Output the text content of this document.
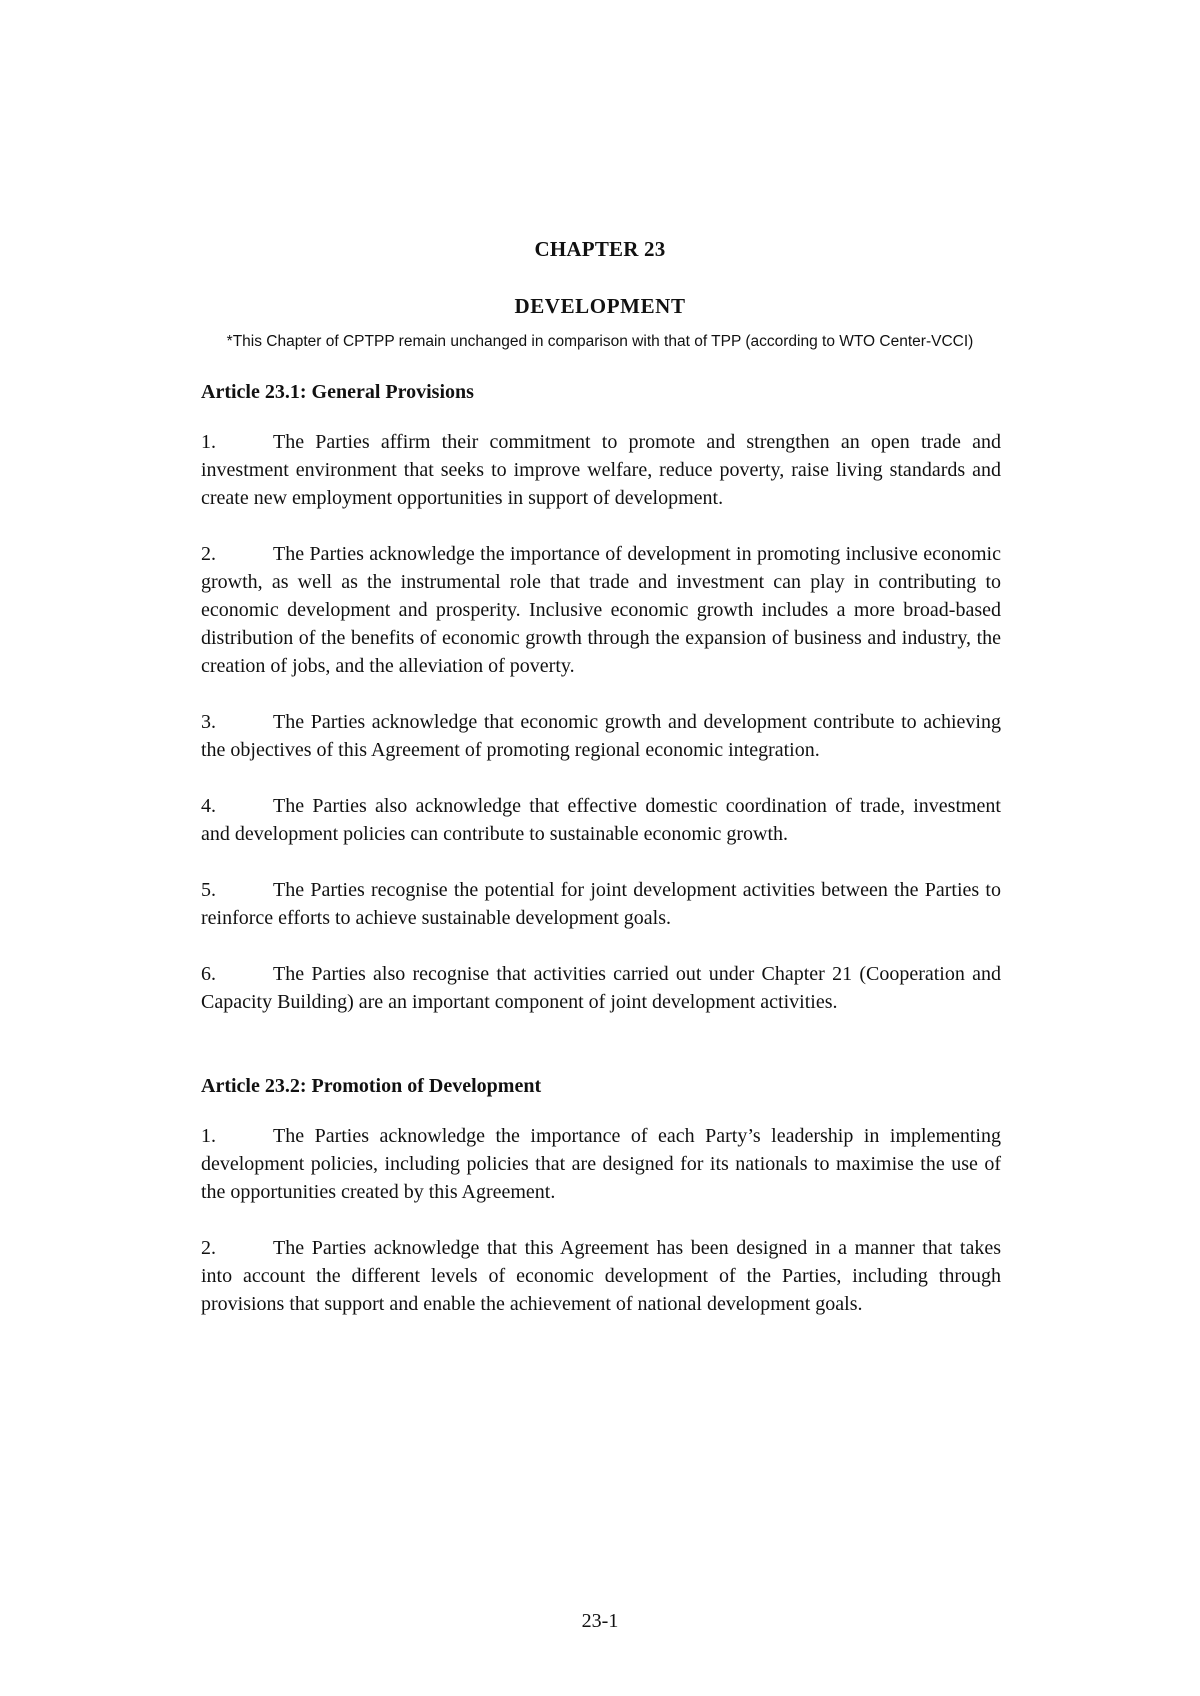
CHAPTER 23
DEVELOPMENT
*This Chapter of CPTPP remain unchanged in comparison with that of TPP (according to WTO Center-VCCI)
Article 23.1: General Provisions

1.	The Parties affirm their commitment to promote and strengthen an open trade and investment environment that seeks to improve welfare, reduce poverty, raise living standards and create new employment opportunities in support of development.

2.	The Parties acknowledge the importance of development in promoting inclusive economic growth, as well as the instrumental role that trade and investment can play in contributing to economic development and prosperity. Inclusive economic growth includes a more broad-based distribution of the benefits of economic growth through the expansion of business and industry, the creation of jobs, and the alleviation of poverty.

3.	The Parties acknowledge that economic growth and development contribute to achieving the objectives of this Agreement of promoting regional economic integration.

4.	The Parties also acknowledge that effective domestic coordination of trade, investment and development policies can contribute to sustainable economic growth.

5.	The Parties recognise the potential for joint development activities between the Parties to reinforce efforts to achieve sustainable development goals.

6.	The Parties also recognise that activities carried out under Chapter 21 (Cooperation and Capacity Building) are an important component of joint development activities.

Article 23.2: Promotion of Development

1.	The Parties acknowledge the importance of each Party’s leadership in implementing development policies, including policies that are designed for its nationals to maximise the use of the opportunities created by this Agreement.

2.	The Parties acknowledge that this Agreement has been designed in a manner that takes into account the different levels of economic development of the Parties, including through provisions that support and enable the achievement of national development goals.

23-1
